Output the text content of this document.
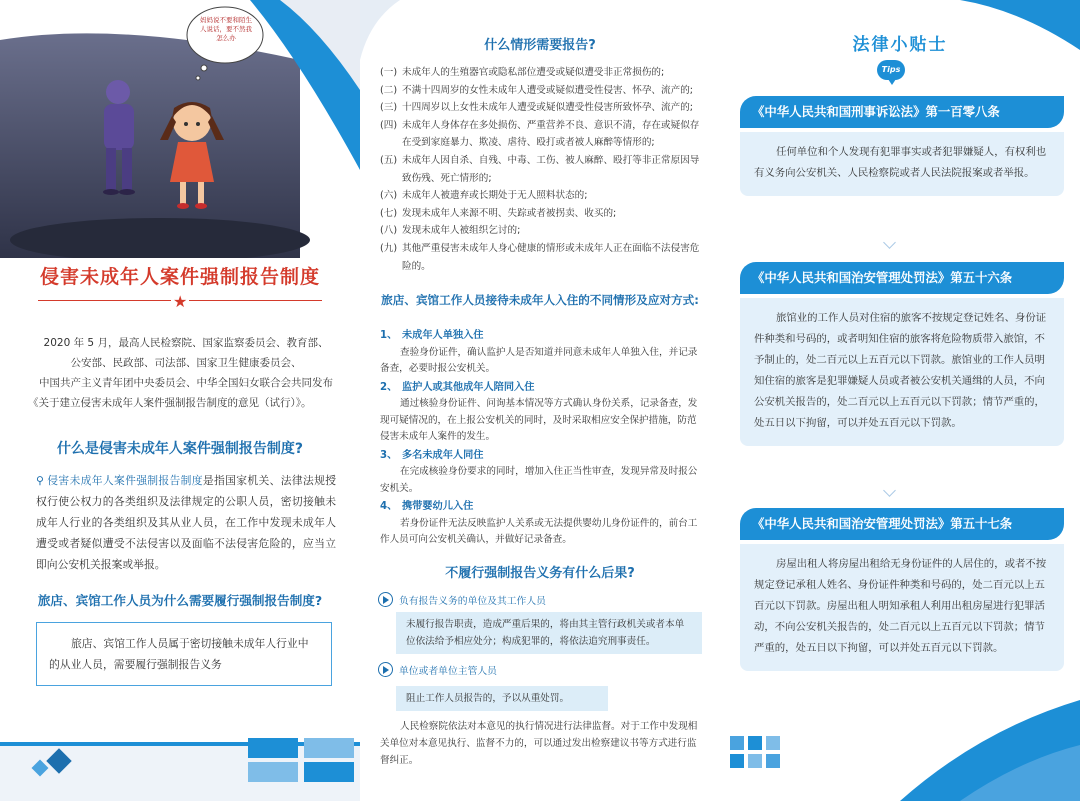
妈妈说不要和陌生人说话，要不然我怎么办
侵害未成年人案件强制报告制度
★
2020 年 5 月，最高人民检察院、国家监察委员会、教育部、
公安部、民政部、司法部、国家卫生健康委员会、
中国共产主义青年团中央委员会、中华全国妇女联合会共同发布
《关于建立侵害未成年人案件强制报告制度的意见（试行）》。
什么是侵害未成年人案件强制报告制度?

⚲ 侵害未成年人案件强制报告制度是指国家机关、法律法规授权行使公权力的各类组织及法律规定的公职人员，密切接触未成年人行业的各类组织及其从业人员，在工作中发现未成年人遭受或者疑似遭受不法侵害以及面临不法侵害危险的，应当立即向公安机关报案或举报。

旅店、宾馆工作人员为什么需要履行强制报告制度?
旅店、宾馆工作人员属于密切接触未成年人行业中的从业人员，需要履行强制报告义务
什么情形需要报告?
(一) 未成年人的生殖器官或隐私部位遭受或疑似遭受非正常损伤的;
(二) 不满十四周岁的女性未成年人遭受或疑似遭受性侵害、怀孕、流产的;
(三) 十四周岁以上女性未成年人遭受或疑似遭受性侵害所致怀孕、流产的;
(四) 未成年人身体存在多处损伤、严重营养不良、意识不清，存在或疑似存在受到家庭暴力、欺凌、虐待、殴打或者被人麻醉等情形的;
(五) 未成年人因自杀、自残、中毒、工伤、被人麻醉、殴打等非正常原因导致伤残、死亡情形的;
(六) 未成年人被遗弃或长期处于无人照料状态的;
(七) 发现未成年人来源不明、失踪或者被拐卖、收买的;
(八) 发现未成年人被组织乞讨的;
(九) 其他严重侵害未成年人身心健康的情形或未成年人正在面临不法侵害危险的。
旅店、宾馆工作人员接待未成年人入住的不同情形及应对方式:
1、 未成年人单独入住
查验身份证件，确认监护人是否知道并同意未成年人单独入住，并记录备查，必要时报公安机关。
2、 监护人或其他成年人陪同入住
通过核验身份证件、问询基本情况等方式确认身份关系，记录备查，发现可疑情况的，在上报公安机关的同时，及时采取相应安全保护措施，防范侵害未成年人案件的发生。
3、 多名未成年人同住
在完成核验身份要求的同时，增加入住正当性审查，发现异常及时报公安机关。
4、 携带婴幼儿入住
若身份证件无法反映监护人关系或无法提供婴幼儿身份证件的，前台工作人员可向公安机关确认，并做好记录备查。
不履行强制报告义务有什么后果?
负有报告义务的单位及其工作人员
未履行报告职责，造成严重后果的，将由其主管行政机关或者本单位依法给予相应处分；构成犯罪的，将依法追究刑事责任。
单位或者单位主管人员
阻止工作人员报告的，予以从重处罚。

人民检察院依法对本意见的执行情况进行法律监督。对于工作中发现相关单位对本意见执行、监督不力的，可以通过发出检察建议书等方式进行监督纠正。

法律小贴士
Tips
《中华人民共和国刑事诉讼法》第一百零八条
任何单位和个人发现有犯罪事实或者犯罪嫌疑人，有权利也有义务向公安机关、人民检察院或者人民法院报案或者举报。
《中华人民共和国治安管理处罚法》第五十六条
旅馆业的工作人员对住宿的旅客不按规定登记姓名、身份证件种类和号码的，或者明知住宿的旅客将危险物质带入旅馆，不予制止的，处二百元以上五百元以下罚款。旅馆业的工作人员明知住宿的旅客是犯罪嫌疑人员或者被公安机关通缉的人员，不向公安机关报告的，处二百元以上五百元以下罚款；情节严重的，处五日以下拘留，可以并处五百元以下罚款。
《中华人民共和国治安管理处罚法》第五十七条
房屋出租人将房屋出租给无身份证件的人居住的，或者不按规定登记承租人姓名、身份证件种类和号码的，处二百元以上五百元以下罚款。房屋出租人明知承租人利用出租房屋进行犯罪活动，不向公安机关报告的，处二百元以上五百元以下罚款；情节严重的，处五日以下拘留，可以并处五百元以下罚款。
